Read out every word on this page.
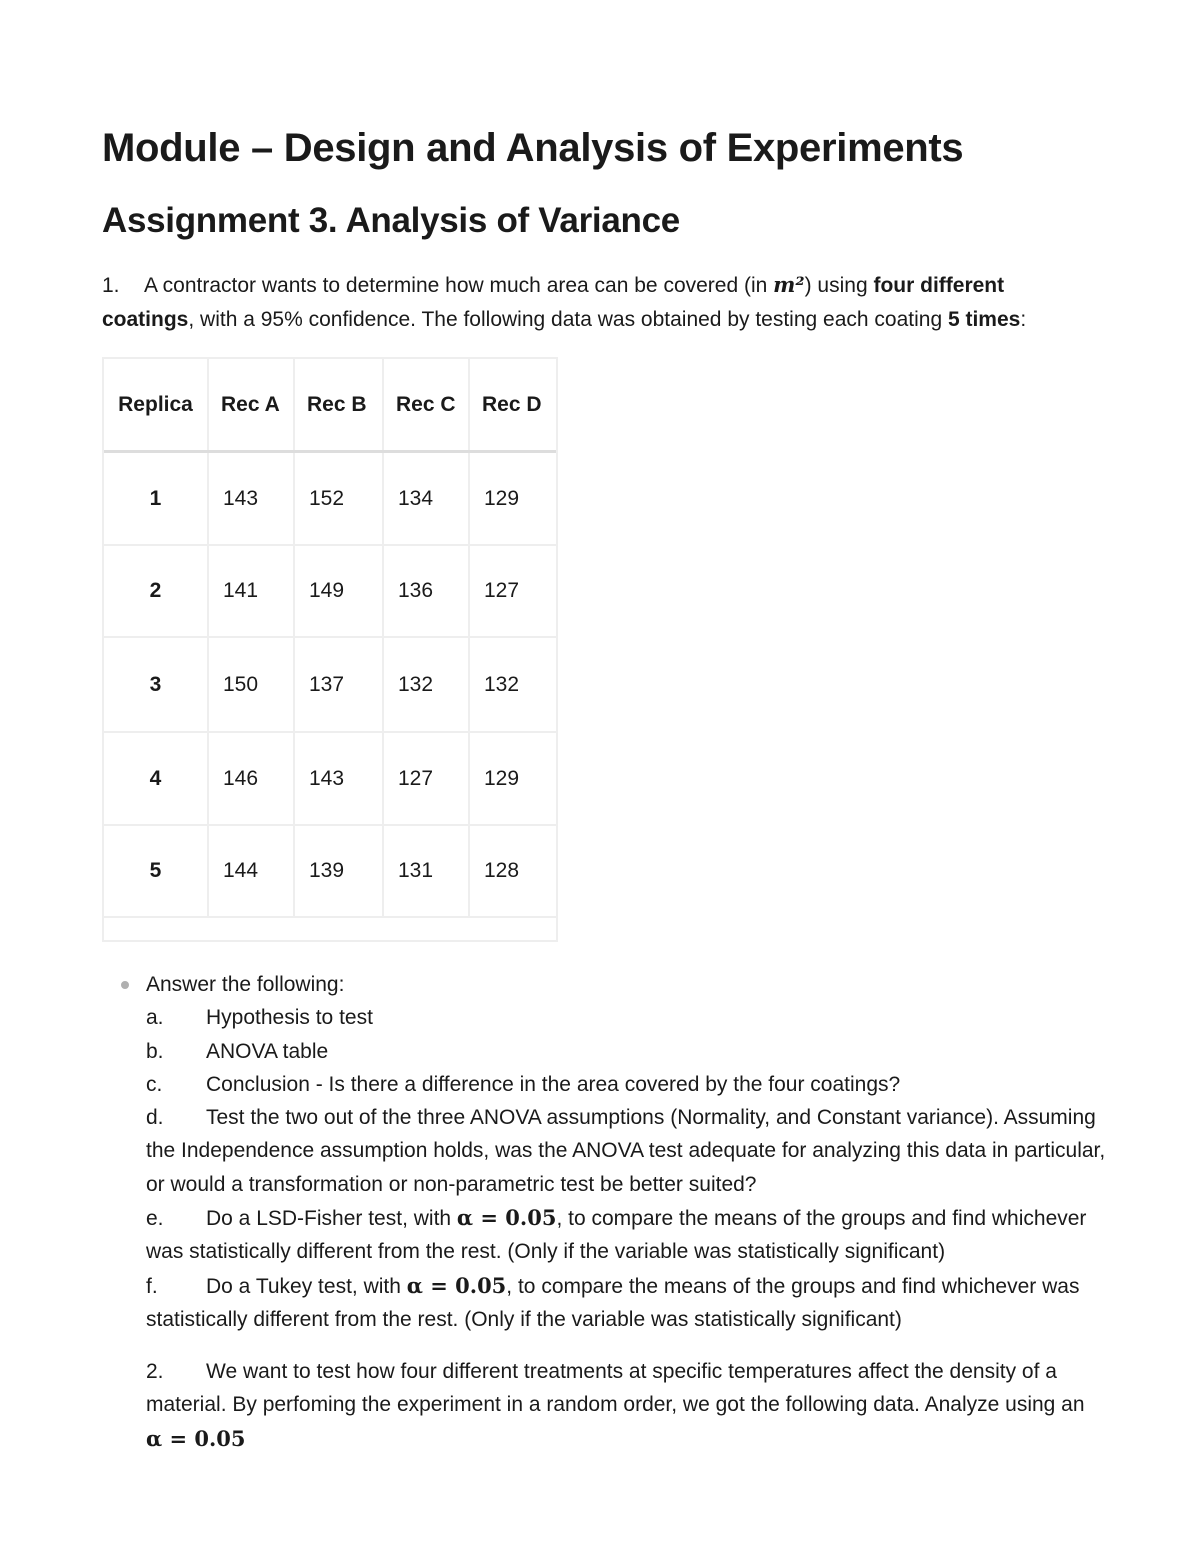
Module – Design and Analysis of Experiments
Assignment 3. Analysis of Variance
1. A contractor wants to determine how much area can be covered (in m²) using four different coatings, with a 95% confidence. The following data was obtained by testing each coating 5 times:
Replica	Rec A	Rec B	Rec C	Rec D
1	143	152	134	129
2	141	149	136	127
3	150	137	132	132
4	146	143	127	129
5	144	139	131	128
Answer the following:
a. Hypothesis to test
b. ANOVA table
c. Conclusion - Is there a difference in the area covered by the four coatings?
d. Test the two out of the three ANOVA assumptions (Normality, and Constant variance). Assuming the Independence assumption holds, was the ANOVA test adequate for analyzing this data in particular, or would a transformation or non-parametric test be better suited?
e. Do a LSD-Fisher test, with α = 0.05, to compare the means of the groups and find whichever was statistically different from the rest. (Only if the variable was statistically significant)
f. Do a Tukey test, with α = 0.05, to compare the means of the groups and find whichever was statistically different from the rest. (Only if the variable was statistically significant)
2. We want to test how four different treatments at specific temperatures affect the density of a material. By perfoming the experiment in a random order, we got the following data. Analyze using an α = 0.05
